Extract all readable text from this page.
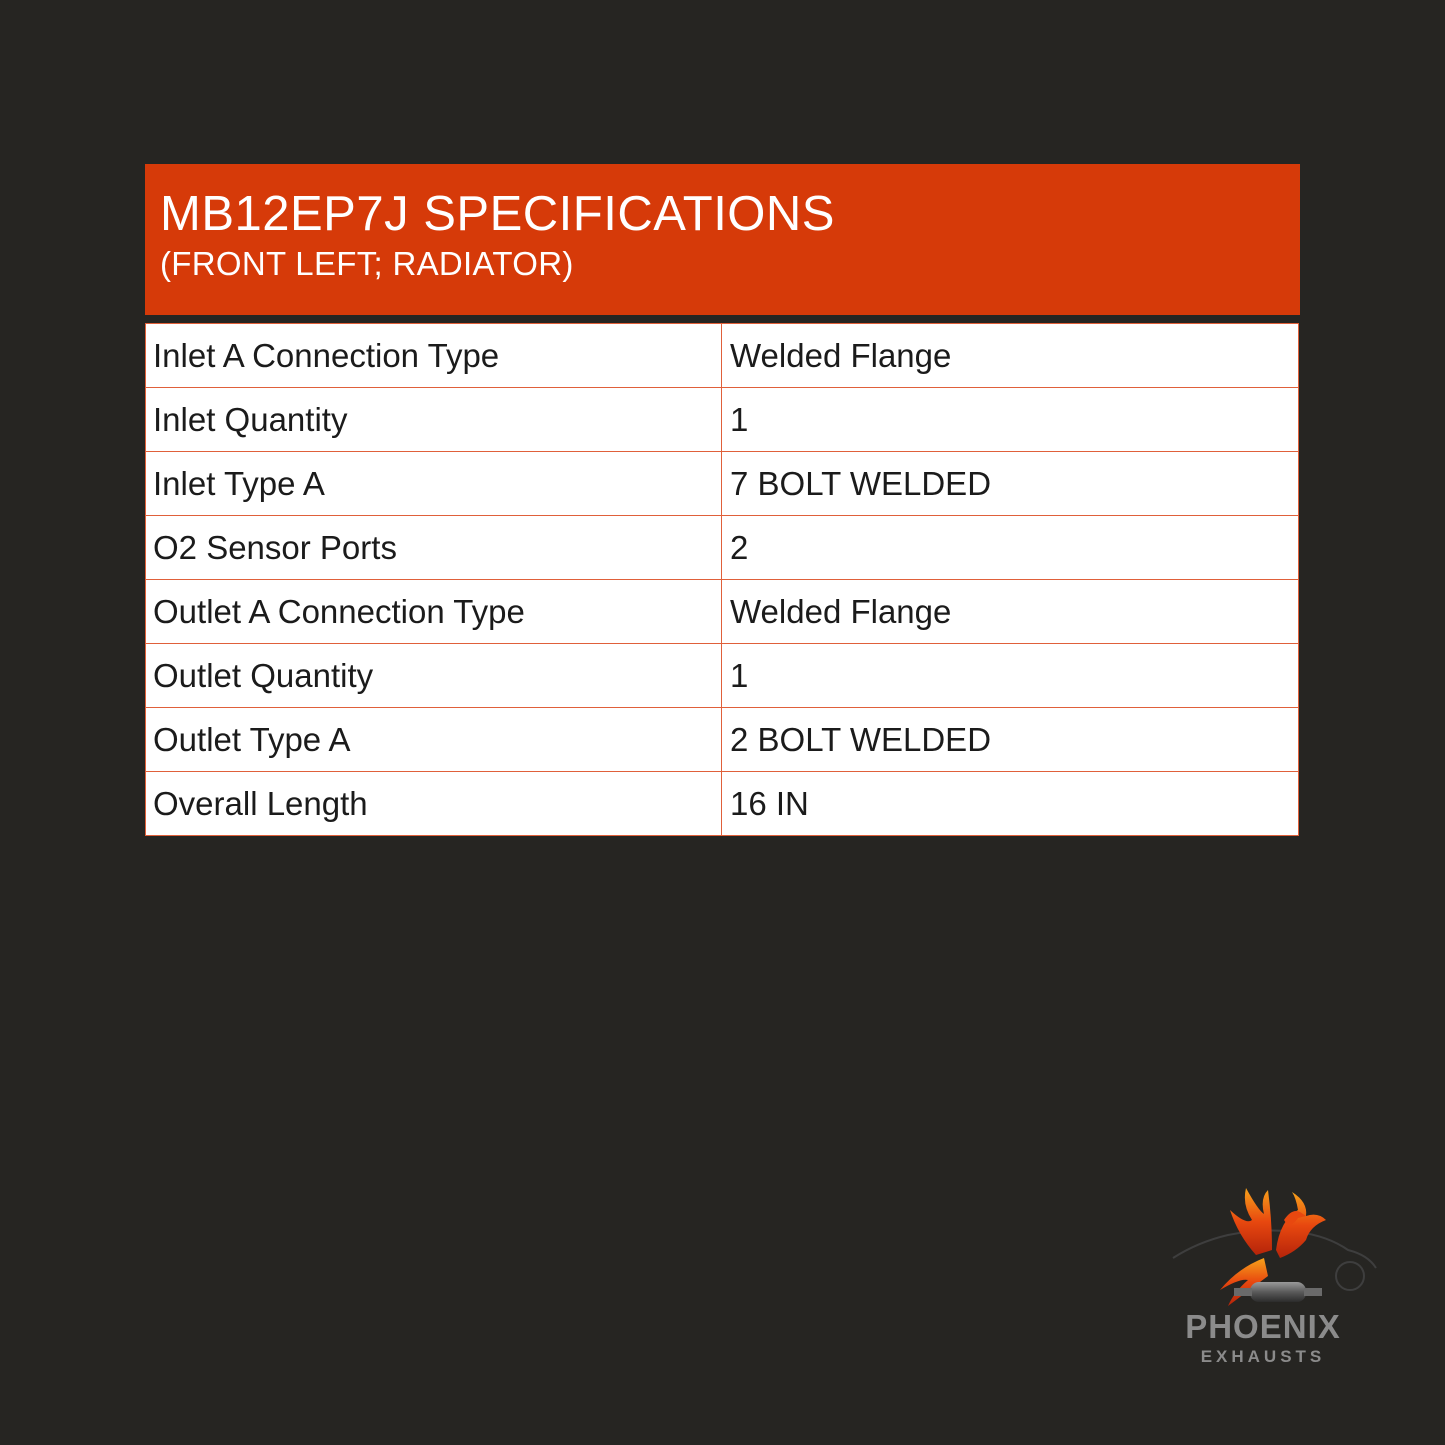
MB12EP7J SPECIFICATIONS
(FRONT LEFT; RADIATOR)
Inlet A Connection Type	Welded Flange
Inlet Quantity	1
Inlet Type A	7 BOLT WELDED
O2 Sensor Ports	2
Outlet A Connection Type	Welded Flange
Outlet Quantity	1
Outlet Type A	2 BOLT WELDED
Overall Length	16 IN
PHOENIX
EXHAUSTS
